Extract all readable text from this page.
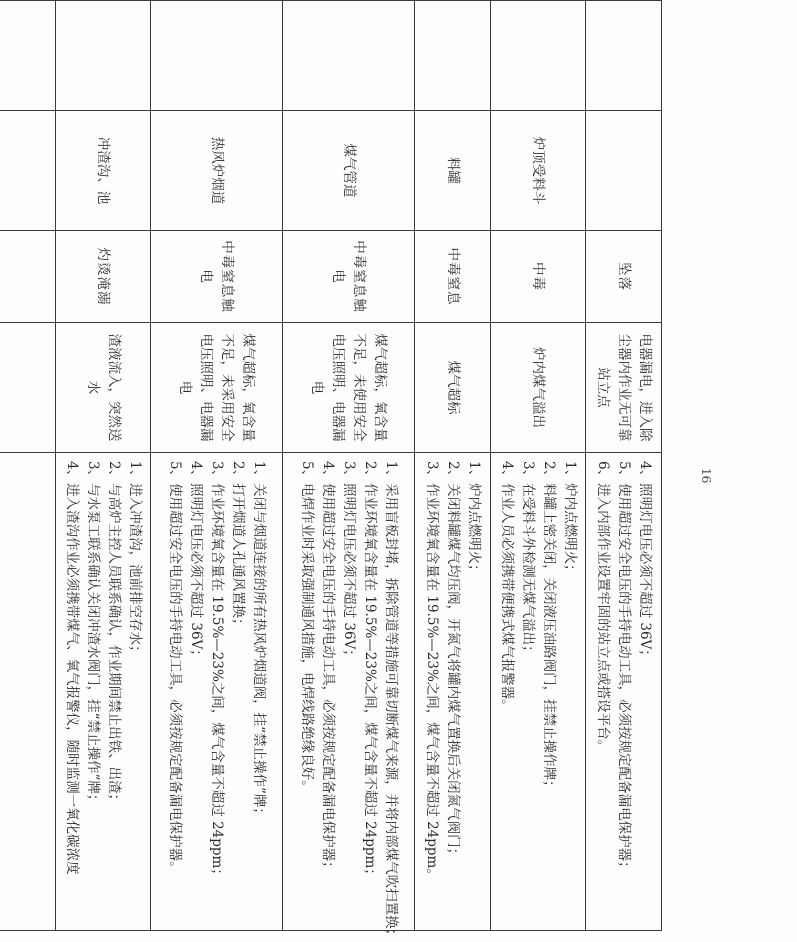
		坠落	电器漏电，进入除尘器内作业无可靠站立点	4、照明灯电压必须不超过 36V；
5、使用超过安全电压的手持电动工具，必须按规定配备漏电保护器；
6、进入内部作业设置牢固的站立点或搭设平台。

	炉顶受料斗	中毒	炉内煤气溢出	1、炉内点燃明火；
2、料罐上密关闭，关闭液压油路阀门，挂禁止操作牌；
3、在受料斗外检测无煤气溢出；
4、作业人员必须携带便携式煤气报警器。

	料罐	中毒窒息	煤气超标	1、炉内点燃明火；
2、关闭料罐煤气均压阀，开氮气将罐内煤气置换后关闭氮气阀门；
3、作业环境氧含量在 19.5%—23%之间，煤气含量不超过 24ppm。

	煤气管道	中毒窒息触电	煤气超标，氧含量不足，未使用安全电压照明、电器漏电	1、采用盲板封堵，拆除管道等措施可靠切断煤气来源，并将内部煤气吹扫置换；
2、作业环境氧含量在 19.5%—23%之间，煤气含量不超过 24ppm；
3、照明灯电压必须不超过 36V；
4、使用超过安全电压的手持电动工具，必须按规定配备漏电保护器；
5、电焊作业时采取强制通风措施，电焊线路绝缘良好。

	热风炉烟道	中毒窒息触电	煤气超标，氧含量不足，未采用安全电压照明、电器漏电	1、关闭与烟道连接的所有热风炉烟道阀，挂“禁止操作”牌；
2、打开烟道人孔通风置换；
3、作业环境氧含量在 19.5%—23%之间，煤气含量不超过 24ppm；
4、照明灯电压必须不超过 36V；
5、使用超过安全电压的手持电动工具，必须按规定配备漏电保护器。

	冲渣沟、池	灼烫淹溺	渣液流入，突然送水	1、进入冲渣沟，池前排空存水；
2、与高炉主控人员联系确认，作业期间禁止出铁、出渣；
3、与水泵工联系确认关闭冲渣水阀门，挂“禁止操作”牌；
4、进入渣沟作业必须携带煤气、氧气报警仪，随时监测一氧化碳浓度

					16
